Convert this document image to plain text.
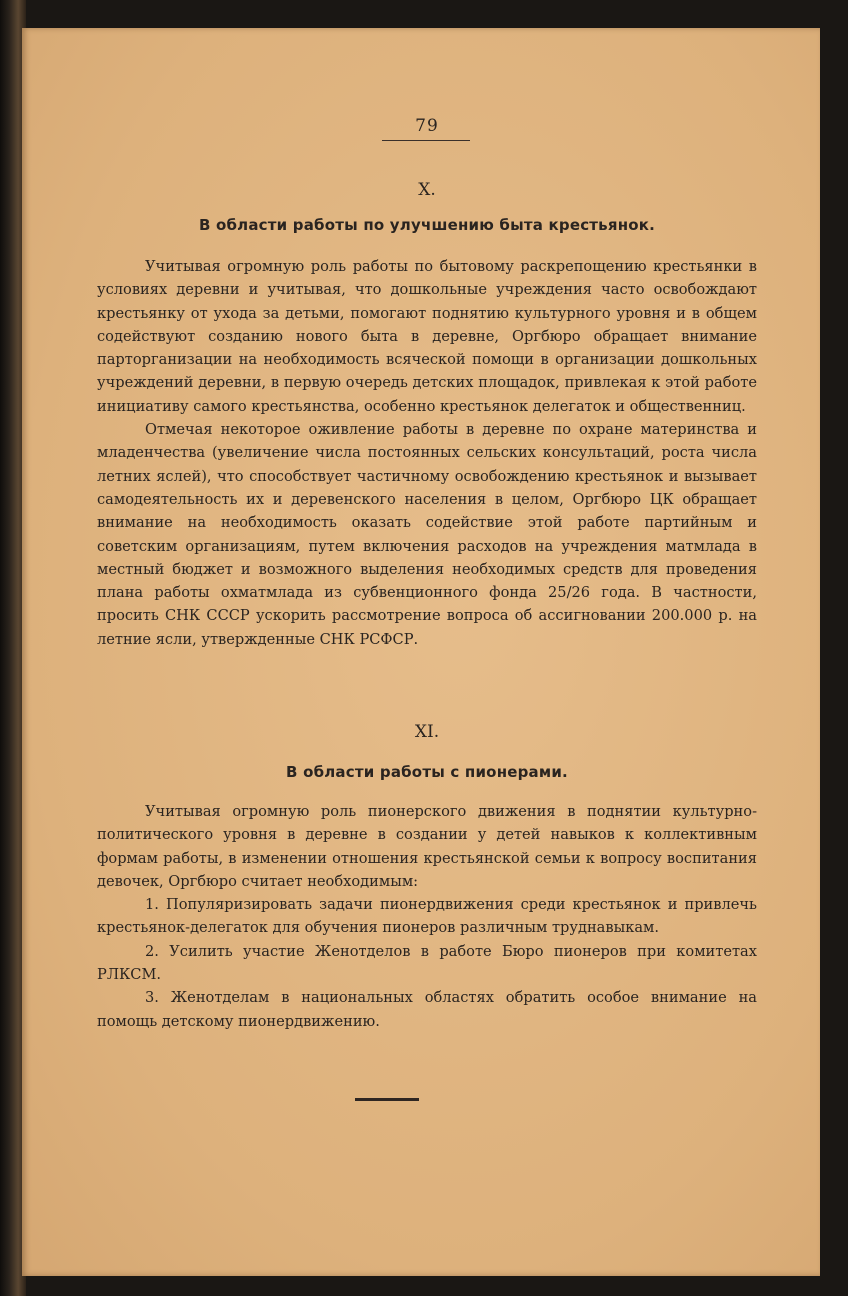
79
X.
В области работы по улучшению быта крестьянок.

Учитывая огромную роль работы по бытовому раскрепощению крестьянки в условиях деревни и учитывая, что дошкольные учреждения часто освобождают крестьянку от ухода за детьми, помогают поднятию культурного уровня и в общем содействуют созданию нового быта в деревне, Оргбюро обращает внимание парторганизации на необходимость всяческой помощи в организации дошкольных учреждений деревни, в первую очередь детских площадок, привлекая к этой работе инициативу самого крестьянства, особенно крестьянок делегаток и общественниц.

Отмечая некоторое оживление работы в деревне по охране материнства и младенчества (увеличение числа постоянных сельских консультаций, роста числа летних яслей), что способствует частичному освобождению крестьянок и вызывает самодеятельность их и деревенского населения в целом, Оргбюро ЦК обращает внимание на необходимость оказать содействие этой работе партийным и советским организациям, путем включения расходов на учреждения матмлада в местный бюджет и возможного выделения необходимых средств для проведения плана работы охматмлада из субвенционного фонда 25/26 года. В частности, просить СНК СССР ускорить рассмотрение вопроса об ассигновании 200.000 р. на летние ясли, утвержденные СНК РСФСР.

XI.
В области работы с пионерами.

Учитывая огромную роль пионерского движения в поднятии культурно-политического уровня в деревне в создании у детей навыков к коллективным формам работы, в изменении отношения крестьянской семьи к вопросу воспитания девочек, Оргбюро считает необходимым:

1. Популяризировать задачи пионердвижения среди крестьянок и привлечь крестьянок-делегаток для обучения пионеров различным труднавыкам.

2. Усилить участие Женотделов в работе Бюро пионеров при комитетах РЛКСМ.

3. Женотделам в национальных областях обратить особое внимание на помощь детскому пионердвижению.
